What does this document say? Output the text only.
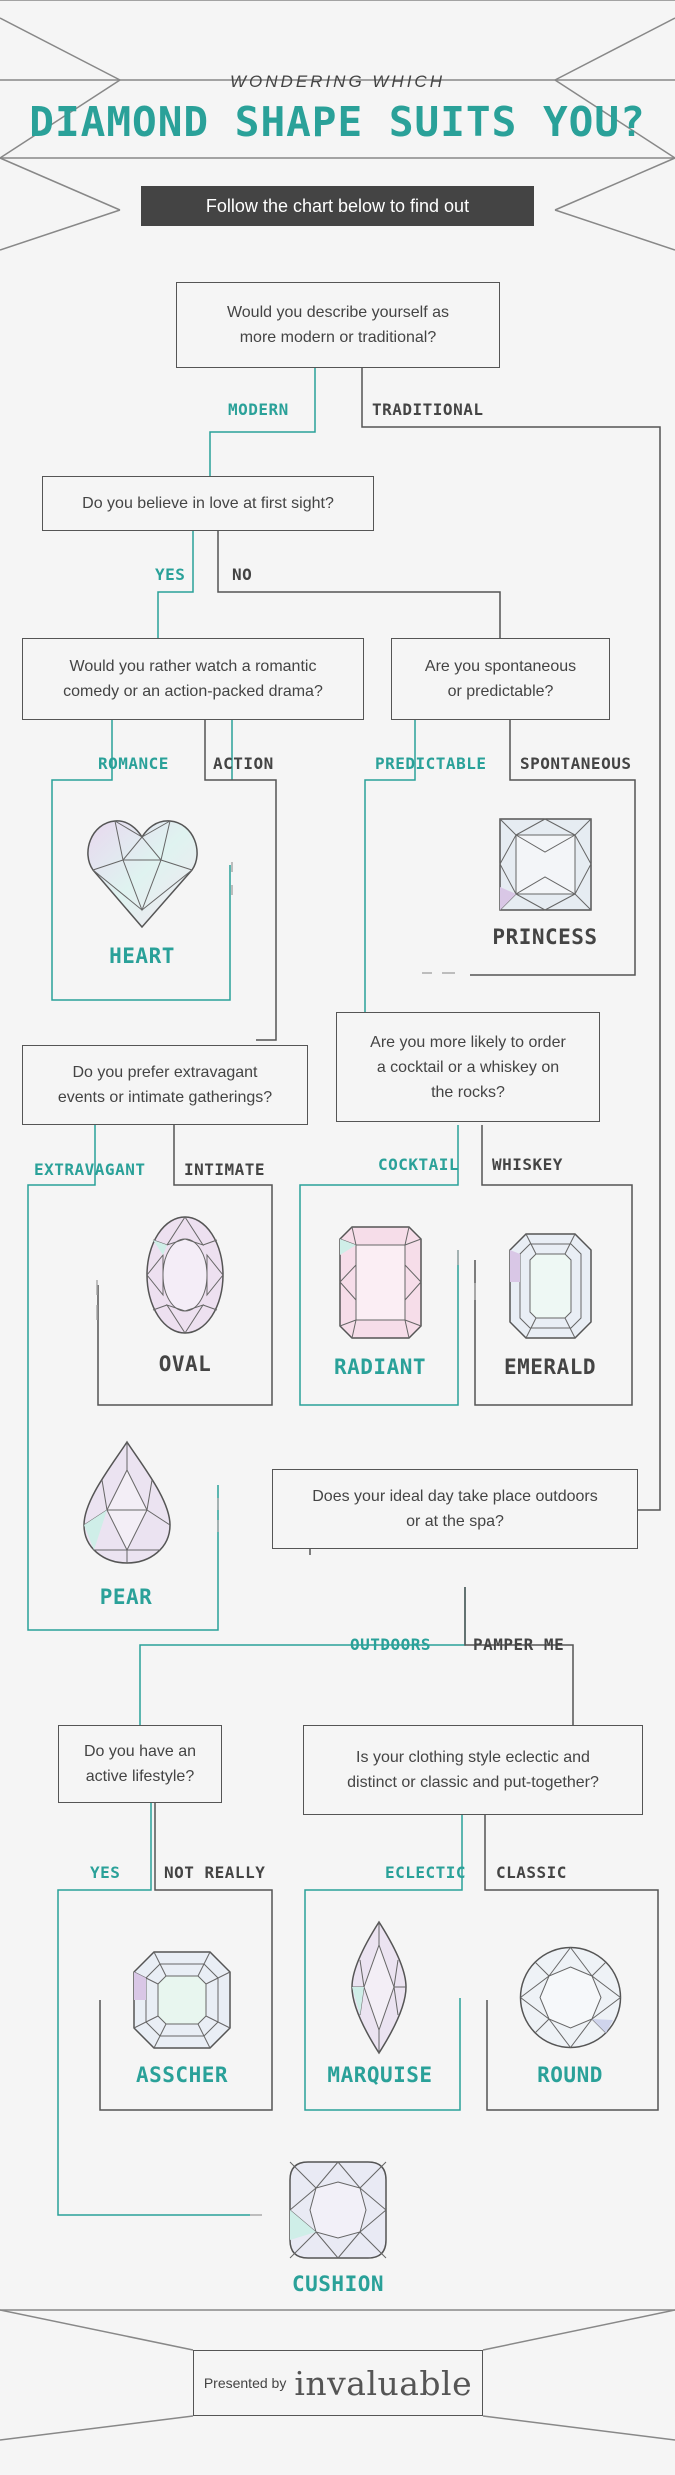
WONDERING WHICH
DIAMOND SHAPE SUITS YOU?
Follow the chart below to find out
Would you describe yourself as
more modern or traditional?
Do you believe in love at first sight?
Would you rather watch a romantic
comedy or an action-packed drama?
Are you spontaneous
or predictable?
Do you prefer extravagant
events or intimate gatherings?
Are you more likely to order
a cocktail or a whiskey on
the rocks?
Does your ideal day take place outdoors
or at the spa?
Do you have an
active lifestyle?
Is your clothing style eclectic and
distinct or classic and put-together?
MODERN	TRADITIONAL
YES	NO
ROMANCE	ACTION	PREDICTABLE SPONTANEOUS
EXTRAVAGANT INTIMATE	COCKTAIL WHISKEY
OUTDOORS	PAMPER ME
YES	NOT REALLY	ECLECTIC CLASSIC
HEART
PRINCESS
OVAL	RADIANT	EMERALD
PEAR
ASSCHER	MARQUISE	ROUND
CUSHION
Presented by invaluable
